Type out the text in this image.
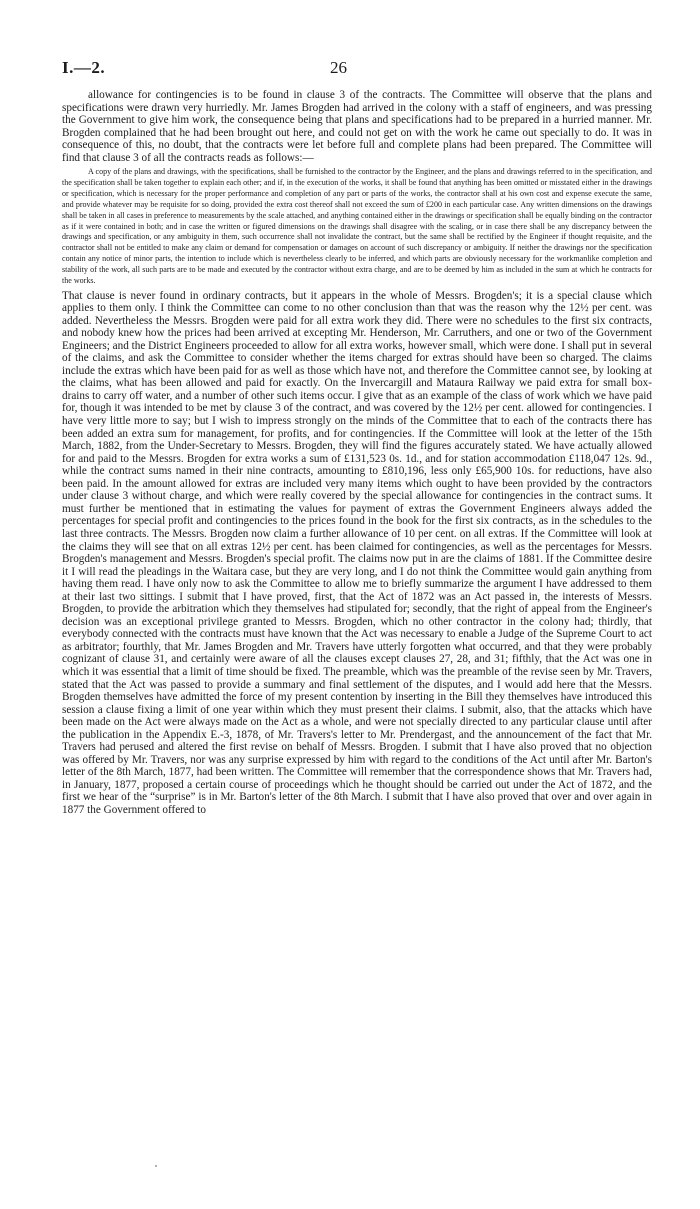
I.—2.	26

allowance for contingencies is to be found in clause 3 of the contracts. The Committee will observe that the plans and specifications were drawn very hurriedly. Mr. James Brogden had arrived in the colony with a staff of engineers, and was pressing the Government to give him work, the consequence being that plans and specifications had to be prepared in a hurried manner. Mr. Brogden complained that he had been brought out here, and could not get on with the work he came out specially to do. It was in consequence of this, no doubt, that the contracts were let before full and complete plans had been prepared. The Committee will find that clause 3 of all the contracts reads as follows:—

A copy of the plans and drawings, with the specifications, shall be furnished to the contractor by the Engineer, and the plans and drawings referred to in the specification, and the specification shall be taken together to explain each other; and if, in the execution of the works, it shall be found that anything has been omitted or misstated either in the drawings or specification, which is necessary for the proper performance and completion of any part or parts of the works, the contractor shall at his own cost and expense execute the same, and provide whatever may be requisite for so doing, provided the extra cost thereof shall not exceed the sum of £200 in each particular case. Any written dimensions on the drawings shall be taken in all cases in preference to measurements by the scale attached, and anything contained either in the drawings or specification shall be equally binding on the contractor as if it were contained in both; and in case the written or figured dimensions on the drawings shall disagree with the scaling, or in case there shall be any discrepancy between the drawings and specification, or any ambiguity in them, such occurrence shall not invalidate the contract, but the same shall be rectified by the Engineer if thought requisite, and the contractor shall not be entitled to make any claim or demand for compensation or damages on account of such discrepancy or ambiguity. If neither the drawings nor the specification contain any notice of minor parts, the intention to include which is nevertheless clearly to be inferred, and which parts are obviously necessary for the workmanlike completion and stability of the work, all such parts are to be made and executed by the contractor without extra charge, and are to be deemed by him as included in the sum at which he contracts for the works.

That clause is never found in ordinary contracts, but it appears in the whole of Messrs. Brogden's; it is a special clause which applies to them only. I think the Committee can come to no other conclusion than that was the reason why the 12½ per cent. was added. Nevertheless the Messrs. Brogden were paid for all extra work they did. There were no schedules to the first six contracts, and nobody knew how the prices had been arrived at excepting Mr. Henderson, Mr. Carruthers, and one or two of the Government Engineers; and the District Engineers proceeded to allow for all extra works, however small, which were done. I shall put in several of the claims, and ask the Committee to consider whether the items charged for extras should have been so charged. The claims include the extras which have been paid for as well as those which have not, and therefore the Committee cannot see, by looking at the claims, what has been allowed and paid for exactly. On the Invercargill and Mataura Railway we paid extra for small box-drains to carry off water, and a number of other such items occur. I give that as an example of the class of work which we have paid for, though it was intended to be met by clause 3 of the contract, and was covered by the 12½ per cent. allowed for contingencies. I have very little more to say; but I wish to impress strongly on the minds of the Committee that to each of the contracts there has been added an extra sum for management, for profits, and for contingencies. If the Committee will look at the letter of the 15th March, 1882, from the Under-Secretary to Messrs. Brogden, they will find the figures accurately stated. We have actually allowed for and paid to the Messrs. Brogden for extra works a sum of £131,523 0s. 1d., and for station accommodation £118,047 12s. 9d., while the contract sums named in their nine contracts, amounting to £810,196, less only £65,900 10s. for reductions, have also been paid. In the amount allowed for extras are included very many items which ought to have been provided by the contractors under clause 3 without charge, and which were really covered by the special allowance for contingencies in the contract sums. It must further be mentioned that in estimating the values for payment of extras the Government Engineers always added the percentages for special profit and contingencies to the prices found in the book for the first six contracts, as in the schedules to the last three contracts. The Messrs. Brogden now claim a further allowance of 10 per cent. on all extras. If the Committee will look at the claims they will see that on all extras 12½ per cent. has been claimed for contingencies, as well as the percentages for Messrs. Brogden's management and Messrs. Brogden's special profit. The claims now put in are the claims of 1881. If the Committee desire it I will read the pleadings in the Waitara case, but they are very long, and I do not think the Committee would gain anything from having them read. I have only now to ask the Committee to allow me to briefly summarize the argument I have addressed to them at their last two sittings. I submit that I have proved, first, that the Act of 1872 was an Act passed in, the interests of Messrs. Brogden, to provide the arbitration which they themselves had stipulated for; secondly, that the right of appeal from the Engineer's decision was an exceptional privilege granted to Messrs. Brogden, which no other contractor in the colony had; thirdly, that everybody connected with the contracts must have known that the Act was necessary to enable a Judge of the Supreme Court to act as arbitrator; fourthly, that Mr. James Brogden and Mr. Travers have utterly forgotten what occurred, and that they were probably cognizant of clause 31, and certainly were aware of all the clauses except clauses 27, 28, and 31; fifthly, that the Act was one in which it was essential that a limit of time should be fixed. The preamble, which was the preamble of the revise seen by Mr. Travers, stated that the Act was passed to provide a summary and final settlement of the disputes, and I would add here that the Messrs. Brogden themselves have admitted the force of my present contention by inserting in the Bill they themselves have introduced this session a clause fixing a limit of one year within which they must present their claims. I submit, also, that the attacks which have been made on the Act were always made on the Act as a whole, and were not specially directed to any particular clause until after the publication in the Appendix E.-3, 1878, of Mr. Travers's letter to Mr. Prendergast, and the announcement of the fact that Mr. Travers had perused and altered the first revise on behalf of Messrs. Brogden. I submit that I have also proved that no objection was offered by Mr. Travers, nor was any surprise expressed by him with regard to the conditions of the Act until after Mr. Barton's letter of the 8th March, 1877, had been written. The Committee will remember that the correspondence shows that Mr. Travers had, in January, 1877, proposed a certain course of proceedings which he thought should be carried out under the Act of 1872, and the first we hear of the “surprise” is in Mr. Barton's letter of the 8th March. I submit that I have also proved that over and over again in 1877 the Government offered to
